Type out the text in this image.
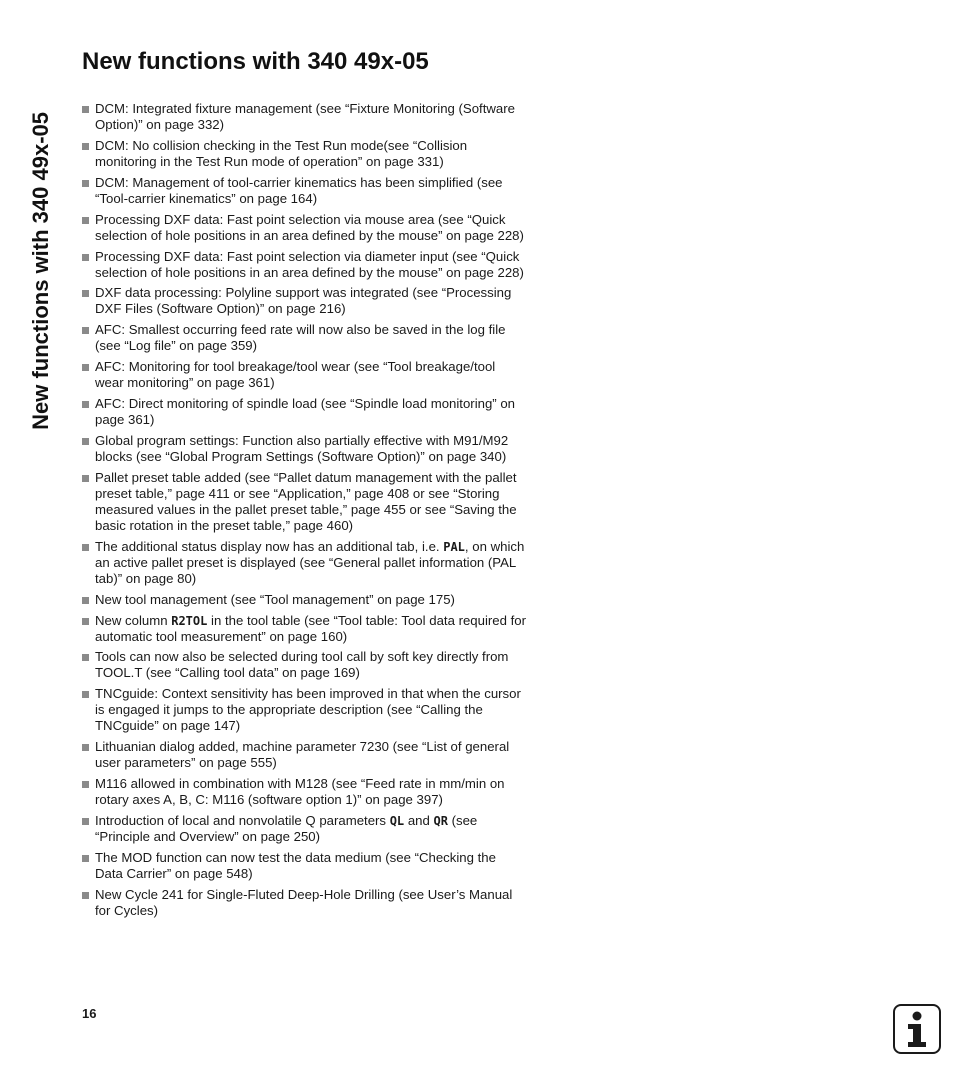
New functions with 340 49x-05
New functions with 340 49x-05
DCM: Integrated fixture management (see “Fixture Monitoring (Software Option)” on page 332)
DCM: No collision checking in the Test Run mode(see “Collision monitoring in the Test Run mode of operation” on page 331)
DCM: Management of tool-carrier kinematics has been simplified (see “Tool-carrier kinematics” on page 164)
Processing DXF data: Fast point selection via mouse area (see “Quick selection of hole positions in an area defined by the mouse” on page 228)
Processing DXF data: Fast point selection via diameter input (see “Quick selection of hole positions in an area defined by the mouse” on page 228)
DXF data processing: Polyline support was integrated (see “Processing DXF Files (Software Option)” on page 216)
AFC: Smallest occurring feed rate will now also be saved in the log file (see “Log file” on page 359)
AFC: Monitoring for tool breakage/tool wear (see “Tool breakage/tool wear monitoring” on page 361)
AFC: Direct monitoring of spindle load (see “Spindle load monitoring” on page 361)
Global program settings: Function also partially effective with M91/M92 blocks (see “Global Program Settings (Software Option)” on page 340)
Pallet preset table added (see “Pallet datum management with the pallet preset table,” page 411 or see “Application,” page 408 or see “Storing measured values in the pallet preset table,” page 455 or see “Saving the basic rotation in the preset table,” page 460)
The additional status display now has an additional tab, i.e. PAL, on which an active pallet preset is displayed (see “General pallet information (PAL tab)” on page 80)
New tool management (see “Tool management” on page 175)
New column R2TOL in the tool table (see “Tool table: Tool data required for automatic tool measurement” on page 160)
Tools can now also be selected during tool call by soft key directly from TOOL.T (see “Calling tool data” on page 169)
TNCguide: Context sensitivity has been improved in that when the cursor is engaged it jumps to the appropriate description (see “Calling the TNCguide” on page 147)
Lithuanian dialog added, machine parameter 7230 (see “List of general user parameters” on page 555)
M116 allowed in combination with M128 (see “Feed rate in mm/min on rotary axes A, B, C: M116 (software option 1)” on page 397)
Introduction of local and nonvolatile Q parameters QL and QR (see “Principle and Overview” on page 250)
The MOD function can now test the data medium (see “Checking the Data Carrier” on page 548)
New Cycle 241 for Single-Fluted Deep-Hole Drilling (see User’s Manual for Cycles)
16
